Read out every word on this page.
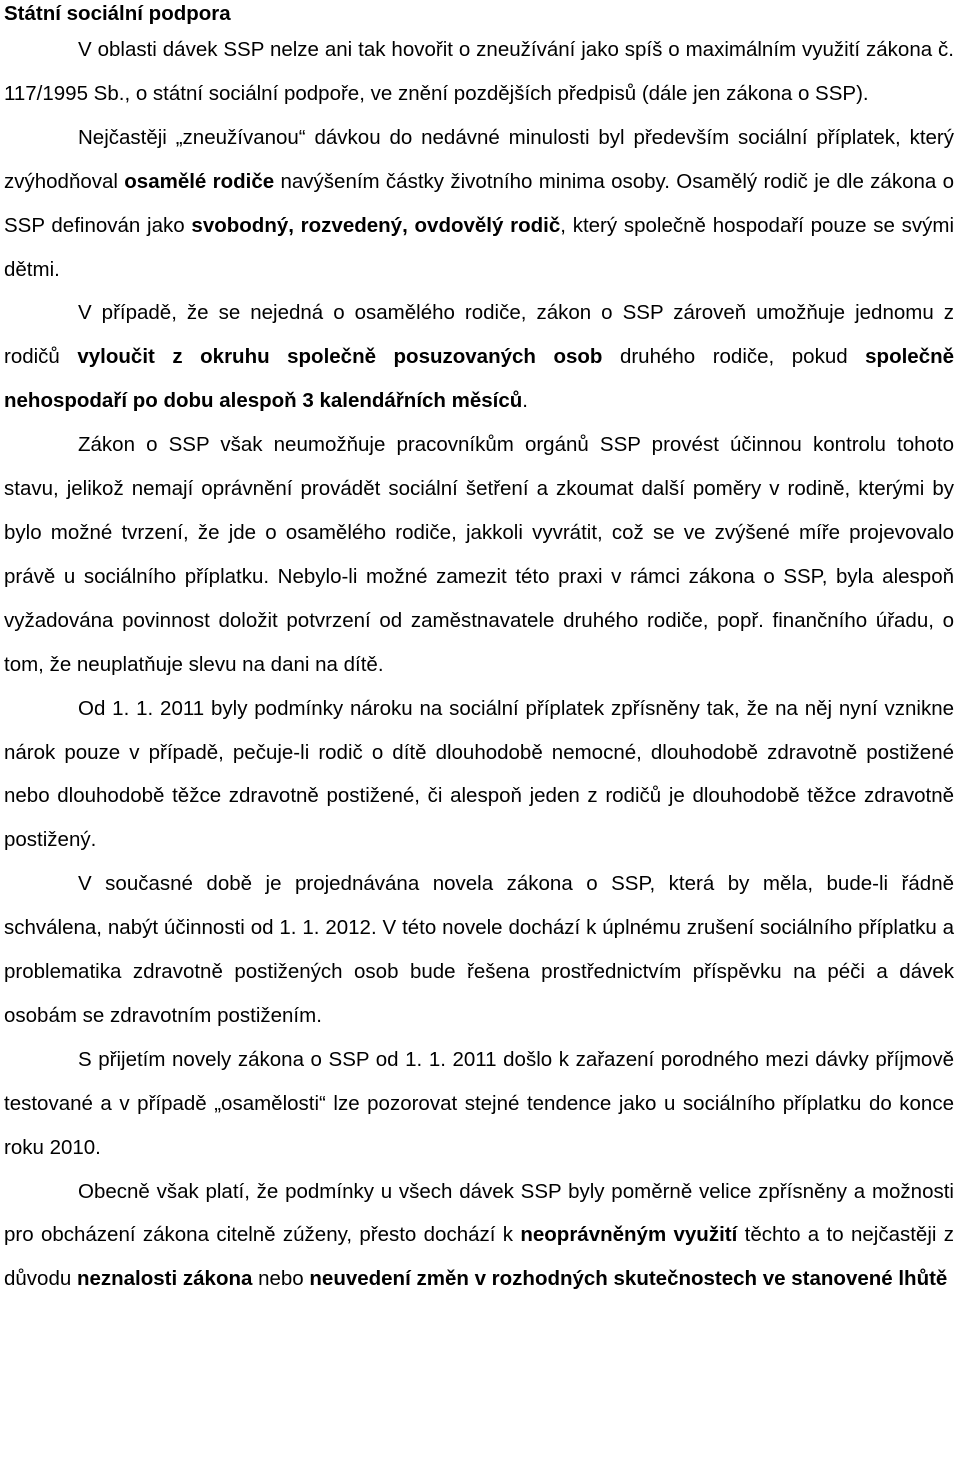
Státní sociální podpora

V oblasti dávek SSP nelze ani tak hovořit o zneužívání jako spíš o maximálním využití zákona č. 117/1995 Sb., o státní sociální podpoře, ve znění pozdějších předpisů (dále jen zákona o SSP).

Nejčastěji „zneužívanou“ dávkou do nedávné minulosti byl především sociální příplatek, který zvýhodňoval osamělé rodiče navýšením částky životního minima osoby. Osamělý rodič je dle zákona o SSP definován jako svobodný, rozvedený, ovdovělý rodič, který společně hospodaří pouze se svými dětmi.

V případě, že se nejedná o osamělého rodiče, zákon o SSP zároveň umožňuje jednomu z rodičů vyloučit z okruhu společně posuzovaných osob druhého rodiče, pokud společně nehospodaří po dobu alespoň 3 kalendářních měsíců.

Zákon o SSP však neumožňuje pracovníkům orgánů SSP provést účinnou kontrolu tohoto stavu, jelikož nemají oprávnění provádět sociální šetření a zkoumat další poměry v rodině, kterými by bylo možné tvrzení, že jde o osamělého rodiče, jakkoli vyvrátit, což se ve zvýšené míře projevovalo právě u sociálního příplatku. Nebylo-li možné zamezit této praxi v rámci zákona o SSP, byla alespoň vyžadována povinnost doložit potvrzení od zaměstnavatele druhého rodiče, popř. finančního úřadu, o tom, že neuplatňuje slevu na dani na dítě.

Od 1. 1. 2011 byly podmínky nároku na sociální příplatek zpřísněny tak, že na něj nyní vznikne nárok pouze v případě, pečuje-li rodič o dítě dlouhodobě nemocné, dlouhodobě zdravotně postižené nebo dlouhodobě těžce zdravotně postižené, či alespoň jeden z rodičů je dlouhodobě těžce zdravotně postižený.

V současné době je projednávána novela zákona o SSP, která by měla, bude-li řádně schválena, nabýt účinnosti od 1. 1. 2012. V této novele dochází k úplnému zrušení sociálního příplatku a problematika zdravotně postižených osob bude řešena prostřednictvím příspěvku na péči a dávek osobám se zdravotním postižením.

S přijetím novely zákona o SSP od 1. 1. 2011 došlo k zařazení porodného mezi dávky příjmově testované a v případě „osamělosti“ lze pozorovat stejné tendence jako u sociálního příplatku do konce roku 2010.

Obecně však platí, že podmínky u všech dávek SSP byly poměrně velice zpřísněny a možnosti pro obcházení zákona citelně zúženy, přesto dochází k neoprávněným využití těchto a to nejčastěji z důvodu neznalosti zákona nebo neuvedení změn v rozhodných skutečnostech ve stanovené lhůtě
